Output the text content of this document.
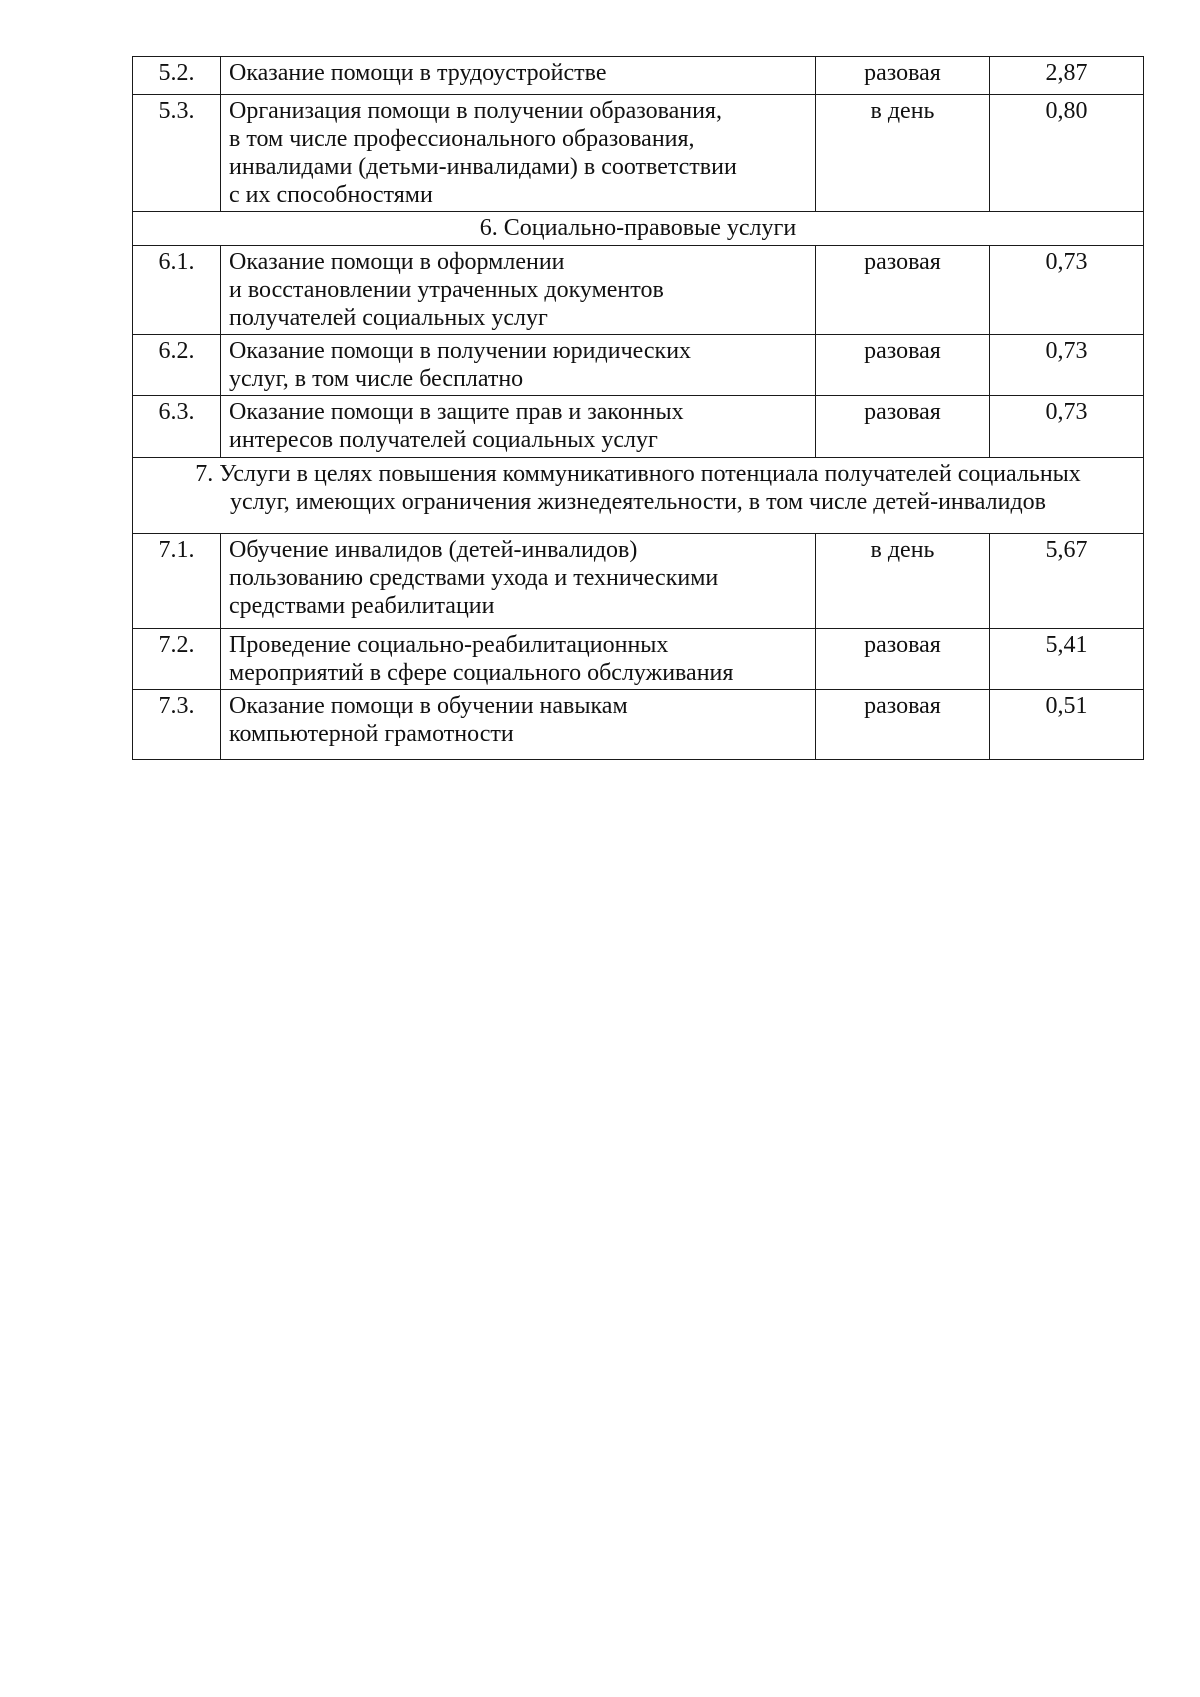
5.2.	Оказание помощи в трудоустройстве	разовая	2,87
5.3.	Организация помощи в получении образования,
в том числе профессионального образования,
инвалидами (детьми-инвалидами) в соответствии
с их способностями	в день	0,80

6. Социально-правовые услуги			

6.1.	Оказание помощи в оформлении
и восстановлении утраченных документов
получателей социальных услуг	разовая	0,73
6.2.	Оказание помощи в получении юридических
услуг, в том числе бесплатно	разовая	0,73
6.3.	Оказание помощи в защите прав и законных
интересов получателей социальных услуг	разовая	0,73

7. Услуги в целях повышения коммуникативного потенциала получателей социальных
услуг, имеющих ограничения жизнедеятельности, в том числе детей-инвалидов			

7.1.	Обучение инвалидов (детей-инвалидов)
пользованию средствами ухода и техническими
средствами реабилитации	в день	5,67
7.2.	Проведение социально-реабилитационных
мероприятий в сфере социального обслуживания	разовая	5,41
7.3.	Оказание помощи в обучении навыкам
компьютерной грамотности	разовая	0,51
